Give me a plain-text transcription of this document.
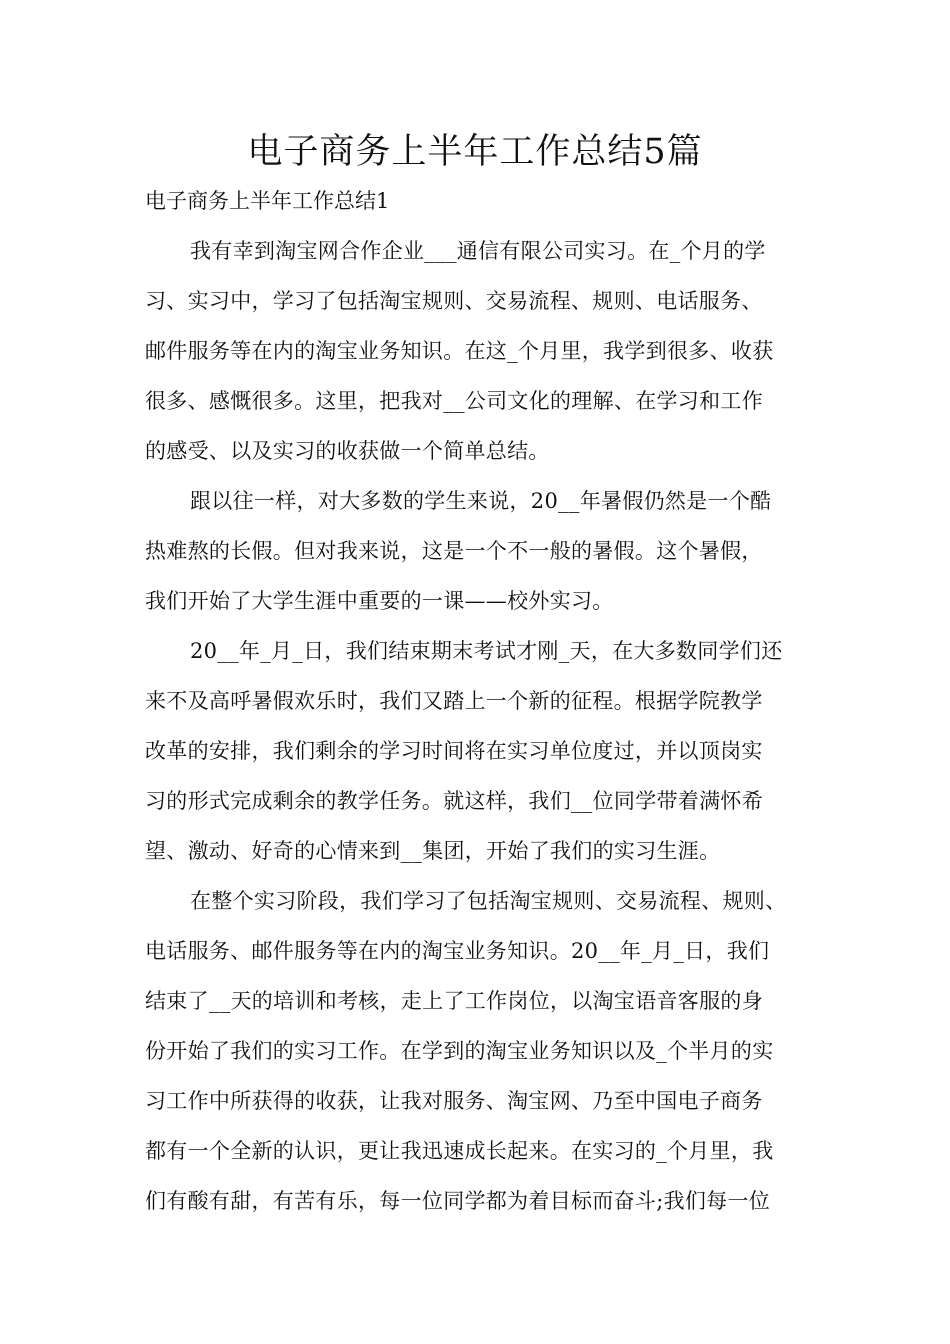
电子商务上半年工作总结5篇
电子商务上半年工作总结1
我有幸到淘宝网合作企业___通信有限公司实习。在_个月的学
习、实习中，学习了包括淘宝规则、交易流程、规则、电话服务、
邮件服务等在内的淘宝业务知识。在这_个月里，我学到很多、收获
很多、感慨很多。这里，把我对__公司文化的理解、在学习和工作
的感受、以及实习的收获做一个简单总结。
跟以往一样，对大多数的学生来说，20__年暑假仍然是一个酷
热难熬的长假。但对我来说，这是一个不一般的暑假。这个暑假，
我们开始了大学生涯中重要的一课——校外实习。
20__年_月_日，我们结束期末考试才刚_天，在大多数同学们还
来不及高呼暑假欢乐时，我们又踏上一个新的征程。根据学院教学
改革的安排，我们剩余的学习时间将在实习单位度过，并以顶岗实
习的形式完成剩余的教学任务。就这样，我们__位同学带着满怀希
望、激动、好奇的心情来到__集团，开始了我们的实习生涯。
在整个实习阶段，我们学习了包括淘宝规则、交易流程、规则、
电话服务、邮件服务等在内的淘宝业务知识。20__年_月_日，我们
结束了__天的培训和考核，走上了工作岗位，以淘宝语音客服的身
份开始了我们的实习工作。在学到的淘宝业务知识以及_个半月的实
习工作中所获得的收获，让我对服务、淘宝网、乃至中国电子商务
都有一个全新的认识，更让我迅速成长起来。在实习的_个月里，我
们有酸有甜，有苦有乐，每一位同学都为着目标而奋斗;我们每一位
